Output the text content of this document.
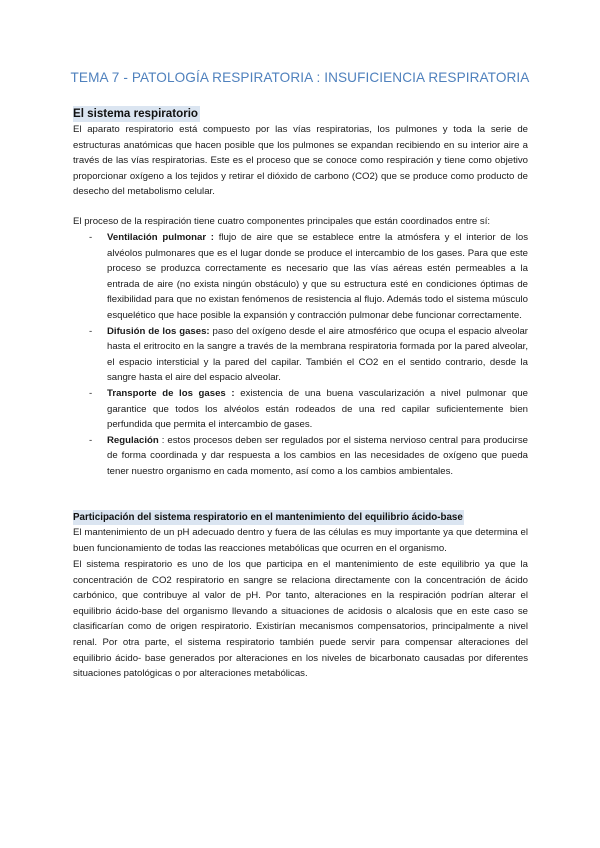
TEMA 7 - PATOLOGÍA RESPIRATORIA : INSUFICIENCIA RESPIRATORIA
El sistema respiratorio

El aparato respiratorio está compuesto por las vías respiratorias, los pulmones y toda la serie de estructuras anatómicas que hacen posible que los pulmones se expandan recibiendo en su interior aire a través de las vías respiratorias. Este es el proceso que se conoce como respiración y tiene como objetivo proporcionar oxígeno a los tejidos y retirar el dióxido de carbono (CO2) que se produce como producto de desecho del metabolismo celular.

El proceso de la respiración tiene cuatro componentes principales que están coordinados entre sí:

- Ventilación pulmonar : flujo de aire que se establece entre la atmósfera y el interior de los alvéolos pulmonares que es el lugar donde se produce el intercambio de los gases. Para que este proceso se produzca correctamente es necesario que las vías aéreas estén permeables a la entrada de aire (no exista ningún obstáculo) y que su estructura esté en condiciones óptimas de flexibilidad para que no existan fenómenos de resistencia al flujo. Además todo el sistema músculo esquelético que hace posible la expansión y contracción pulmonar debe funcionar correctamente.
- Difusión de los gases: paso del oxígeno desde el aire atmosférico que ocupa el espacio alveolar hasta el eritrocito en la sangre a través de la membrana respiratoria formada por la pared alveolar, el espacio intersticial y la pared del capilar. También el CO2 en el sentido contrario, desde la sangre hasta el aire del espacio alveolar.
- Transporte de los gases : existencia de una buena vascularización a nivel pulmonar que garantice que todos los alvéolos están rodeados de una red capilar suficientemente bien perfundida que permita el intercambio de gases.
- Regulación : estos procesos deben ser regulados por el sistema nervioso central para producirse de forma coordinada y dar respuesta a los cambios en las necesidades de oxígeno que pueda tener nuestro organismo en cada momento, así como a los cambios ambientales.
Participación del sistema respiratorio en el mantenimiento del equilibrio ácido-base

El mantenimiento de un pH adecuado dentro y fuera de las células es muy importante ya que determina el buen funcionamiento de todas las reacciones metabólicas que ocurren en el organismo.

El sistema respiratorio es uno de los que participa en el mantenimiento de este equilibrio ya que la concentración de CO2 respiratorio en sangre se relaciona directamente con la concentración de ácido carbónico, que contribuye al valor de pH. Por tanto, alteraciones en la respiración podrían alterar el equilibrio ácido-base del organismo llevando a situaciones de acidosis o alcalosis que en este caso se clasificarían como de origen respiratorio. Existirían mecanismos compensatorios, principalmente a nivel renal. Por otra parte, el sistema respiratorio también puede servir para compensar alteraciones del equilibrio ácido- base generados por alteraciones en los niveles de bicarbonato causadas por diferentes situaciones patológicas o por alteraciones metabólicas.
